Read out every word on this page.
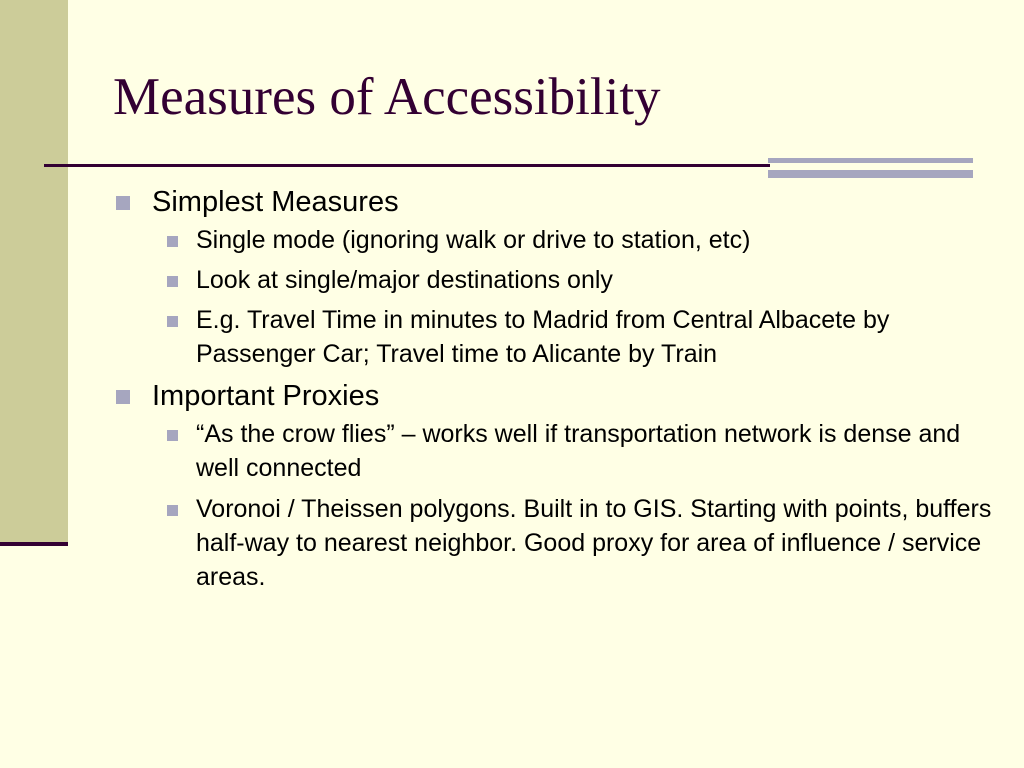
Measures of Accessibility
Simplest Measures
Single mode (ignoring walk or drive to station, etc)
Look at single/major destinations only
E.g. Travel Time in minutes to Madrid from Central Albacete by Passenger Car; Travel time to Alicante by Train
Important Proxies
“As the crow flies” – works well if transportation network is dense and well connected
Voronoi / Theissen polygons. Built in to GIS. Starting with points, buffers half-way to nearest neighbor. Good proxy for area of influence / service areas.
